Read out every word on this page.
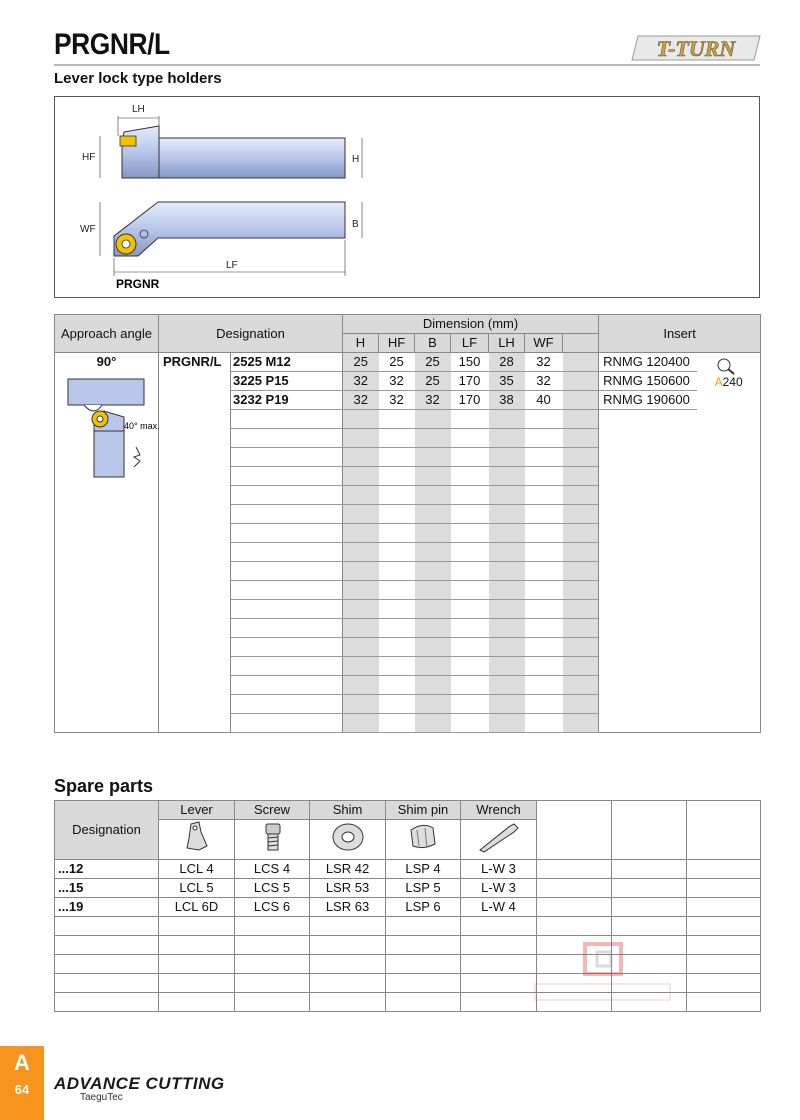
PRGNR/L
Lever lock type holders
T-TURN
LH
HF	H
WF	B
LF
PRGNR
Approach angle	Designation		Dimension (mm)							Insert	
			H	HF	B	LF	LH	WF			

90°
40° max.	PRGNR/L	2525 M12	25	25	25	150	28	32		RNMG 120400	A240

		3225 P15	32	32	25	170	35	32		RNMG 150600	
		3232 P19	32	32	32	170	38	40		RNMG 190600	

Spare parts
Designation	Lever	Screw	Shim	Shim pin	Wrench			

...12	LCL 4	LCS 4	LSR 42	LSP 4	L-W 3			
...15	LCL 5	LCS 5	LSR 53	LSP 5	L-W 3			
...19	LCL 6D	LCS 6	LSR 63	LSP 6	L-W 4			

A
64	ADVANCE CUTTING
TaeguTec
